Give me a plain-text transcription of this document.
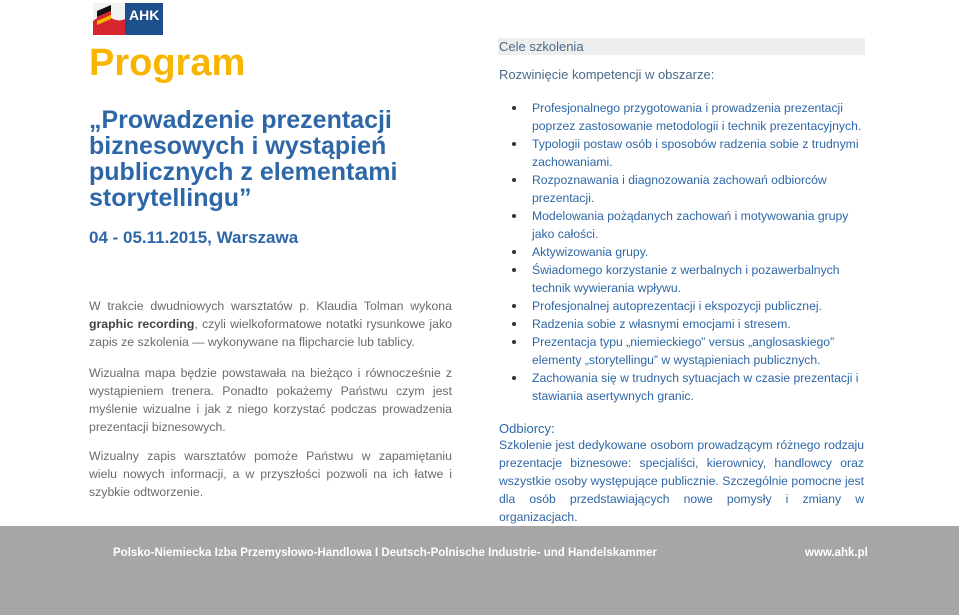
AHK
Program
„Prowadzenie prezentacji biznesowych i wystąpień publicznych z elementami storytellingu”
04 - 05.11.2015, Warszawa

W trakcie dwudniowych warsztatów p. Klaudia Tolman wykona graphic recording, czyli wielkoformatowe notatki rysunkowe jako zapis ze szkolenia — wykonywane na flipcharcie lub tablicy.

Wizualna mapa będzie powstawała na bieżąco i równocześnie z wystąpieniem trenera. Ponadto pokażemy Państwu czym jest myślenie wizualne i jak z niego korzystać podczas prowadzenia prezentacji biznesowych.

Wizualny zapis warsztatów pomoże Państwu w zapamiętaniu wielu nowych informacji, a w przyszłości pozwoli na ich łatwe i szybkie odtworzenie.

Cele szkolenia
Rozwinięcie kompetencji w obszarze:
Profesjonalnego przygotowania i prowadzenia prezentacji poprzez zastosowanie metodologii i technik prezentacyjnych.
Typologii postaw osób i sposobów radzenia sobie z trudnymi zachowaniami.
Rozpoznawania i diagnozowania zachowań odbiorców prezentacji.
Modelowania pożądanych zachowań i motywowania grupy jako całości.
Aktywizowania grupy.
Świadomego korzystanie z werbalnych i pozawerbalnych technik wywierania wpływu.
Profesjonalnej autoprezentacji i ekspozycji publicznej.
Radzenia sobie z własnymi emocjami i stresem.
Prezentacja typu „niemieckiego” versus „anglosaskiego” elementy „storytellingu” w wystąpieniach publicznych.
Zachowania się w trudnych sytuacjach w czasie prezentacji i stawiania asertywnych granic.
Odbiorcy:

Szkolenie jest dedykowane osobom prowadzącym różnego rodzaju prezentacje biznesowe: specjaliści, kierownicy, handlowcy oraz wszystkie osoby występujące publicznie. Szczególnie pomocne jest dla osób przedstawiających nowe pomysły i zmiany w organizacjach.

Polsko-Niemiecka Izba Przemysłowo-Handlowa I Deutsch-Polnische Industrie- und Handelskammer	www.ahk.pl
